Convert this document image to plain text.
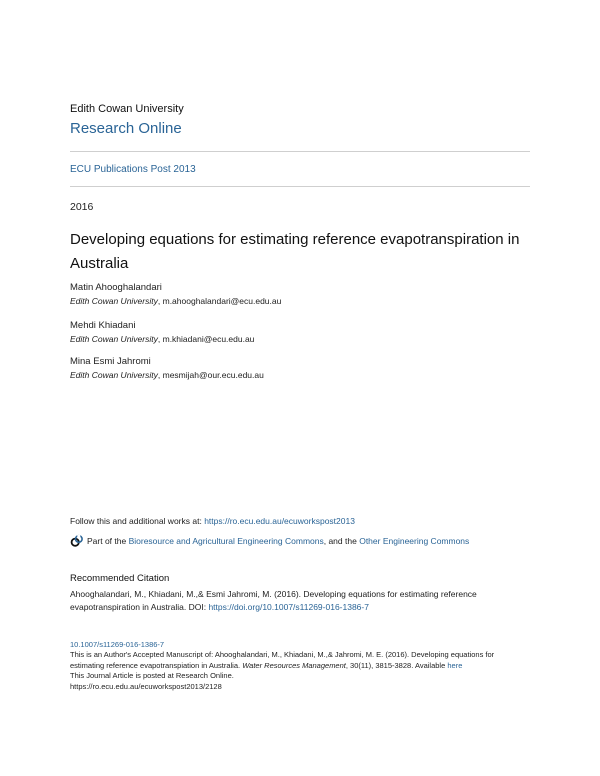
Edith Cowan University
Research Online
ECU Publications Post 2013
2016
Developing equations for estimating reference evapotranspiration in Australia
Matin Ahooghalandari
Edith Cowan University, m.ahooghalandari@ecu.edu.au
Mehdi Khiadani
Edith Cowan University, m.khiadani@ecu.edu.au
Mina Esmi Jahromi
Edith Cowan University, mesmijah@our.ecu.edu.au
Follow this and additional works at: https://ro.ecu.edu.au/ecuworkspost2013
Part of the
Bioresource and Agricultural Engineering Commons , and the
Other Engineering Commons
Recommended Citation
Ahooghalandari, M., Khiadani, M.,& Esmi Jahromi, M. (2016). Developing equations for estimating reference evapotranspiration in Australia. DOI: https://doi.org/10.1007/s11269-016-1386-7
10.1007/s11269-016-1386-7
This is an Author's Accepted Manuscript of: Ahooghalandari, M., Khiadani, M.,& Jahromi, M. E. (2016). Developing equations for estimating reference evapotranspiation in Australia. Water Resources Management, 30(11), 3815-3828. Available here
This Journal Article is posted at Research Online.
https://ro.ecu.edu.au/ecuworkspost2013/2128
